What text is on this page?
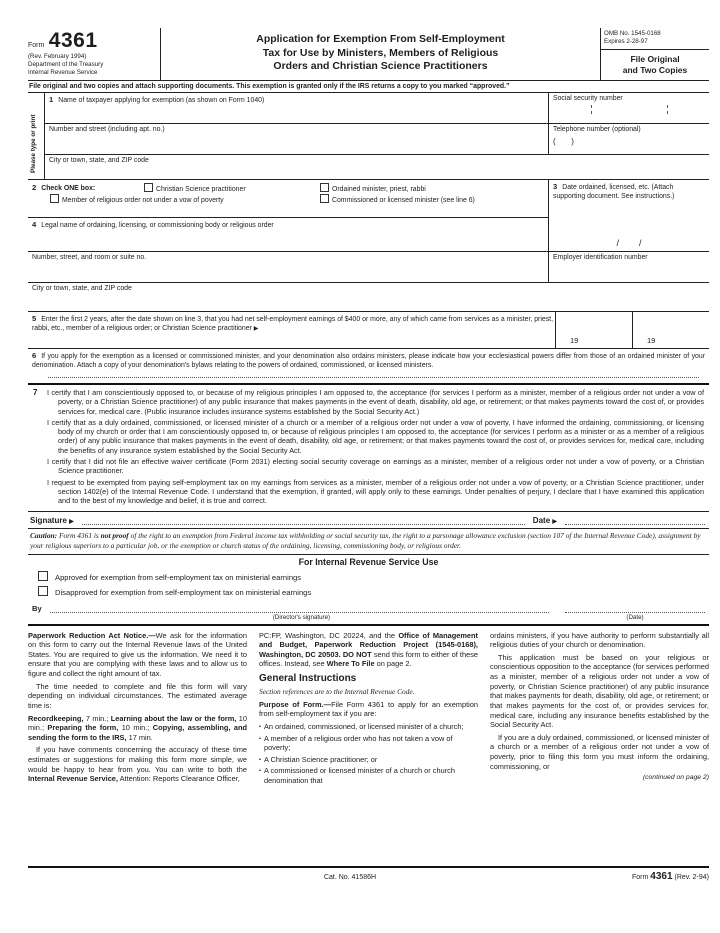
Form 4361
(Rev. February 1994)
Department of the Treasury
Internal Revenue Service
Application for Exemption From Self-Employment
Tax for Use by Ministers, Members of Religious
Orders and Christian Science Practitioners
OMB No. 1545-0168
Expires 2-28-97
File Original
and Two Copies
File original and two copies and attach supporting documents. This exemption is granted only if the IRS returns a copy to you marked “approved.”
Please type or print
1 Name of taxpayer applying for exemption (as shown on Form 1040)	Social security number
Number and street (including apt. no.)	Telephone number (optional)
(       )
City or town, state, and ZIP code
2 Check ONE box:	Christian Science practitioner	Ordained minister, priest, rabbi
Member of religious order not under a vow of poverty	Commissioned or licensed minister (see line 6)
4 Legal name of ordaining, licensing, or commissioning body or religious order
3 Date ordained, licensed, etc. (Attach supporting document. See instructions.)
/        /
Number, street, and room or suite no.	Employer identification number
City or town, state, and ZIP code
5 Enter the first 2 years, after the date shown on line 3, that you had net self-employment earnings of $400 or more, any of which came from services as a minister, priest, rabbi, etc., member of a religious order; or Christian Science practitioner ▶
19	19
6 If you apply for the exemption as a licensed or commissioned minister, and your denomination also ordains ministers, please indicate how your ecclesiastical powers differ from those of an ordained minister of your denomination. Attach a copy of your denomination's bylaws relating to the powers of ordained, commissioned, or licensed ministers.
7 I certify that I am conscientiously opposed to, or because of my religious principles I am opposed to, the acceptance (for services I perform as a minister, member of a religious order not under a vow of poverty, or a Christian Science practitioner) of any public insurance that makes payments in the event of death, disability, old age, or retirement; or that makes payments toward the cost of, or provides services for, medical care. (Public insurance includes insurance systems established by the Social Security Act.)

I certify that as a duly ordained, commissioned, or licensed minister of a church or a member of a religious order not under a vow of poverty, I have informed the ordaining, commissioning, or licensing body of my church or order that I am conscientiously opposed to, or because of religious principles I am opposed to, the acceptance (for services I perform as a minister or as a member of a religious order) of any public insurance that makes payments in the event of death, disability, old age, or retirement; or that makes payments toward the cost of, or provides services for, medical care, including the benefits of any insurance system established by the Social Security Act.

I certify that I did not file an effective waiver certificate (Form 2031) electing social security coverage on earnings as a minister, member of a religious order not under a vow of poverty, or a Christian Science practitioner.

I request to be exempted from paying self-employment tax on my earnings from services as a minister, member of a religious order not under a vow of poverty, or a Christian Science practitioner, under section 1402(e) of the Internal Revenue Code. I understand that the exemption, if granted, will apply only to these earnings. Under penalties of perjury, I declare that I have examined this application and to the best of my knowledge and belief, it is true and correct.

Signature
▶	Date
▶
Caution: Form 4361 is not proof of the right to an exemption from Federal income tax withholding or social security tax, the right to a parsonage allowance exclusion (section 107 of the Internal Revenue Code), assignment by your religious superiors to a particular job, or the exemption or church status of the ordaining, licensing, commissioning body, or religious order.
For Internal Revenue Service Use
Approved for exemption from self-employment tax on ministerial earnings
Disapproved for exemption from self-employment tax on ministerial earnings
By
(Director's signature)	(Date)

Paperwork Reduction Act Notice.—We ask for the information on this form to carry out the Internal Revenue laws of the United States. You are required to give us the information. We need it to ensure that you are complying with these laws and to allow us to figure and collect the right amount of tax.

The time needed to complete and file this form will vary depending on individual circumstances. The estimated average time is:

Recordkeeping, 7 min.; Learning about the law or the form, 10 min.; Preparing the form, 10 min.; Copying, assembling, and sending the form to the IRS, 17 min.

If you have comments concerning the accuracy of these time estimates or suggestions for making this form more simple, we would be happy to hear from you. You can write to both the Internal Revenue Service, Attention: Reports Clearance Officer,

PC:FP, Washington, DC 20224, and the Office of Management and Budget, Paperwork Reduction Project (1545-0168), Washington, DC 20503. DO NOT send this form to either of these offices. Instead, see Where To File on page 2.

General Instructions

Section references are to the Internal Revenue Code.

Purpose of Form.—File Form 4361 to apply for an exemption from self-employment tax if you are:

▪ An ordained, commissioned, or licensed minister of a church;
▪ A member of a religious order who has not taken a vow of poverty;
▪ A Christian Science practitioner; or
▪ A commissioned or licensed minister of a church or church denomination that

ordains ministers, if you have authority to perform substantially all religious duties of your church or denomination.

This application must be based on your religious or conscientious opposition to the acceptance (for services performed as a minister, member of a religious order not under a vow of poverty, or Christian Science practitioner) of any public insurance that makes payments for death, disability, old age, or retirement; or that makes payments for the cost of, or provides services for, medical care, including any insurance benefits established by the Social Security Act.

If you are a duly ordained, commissioned, or licensed minister of a church or a member of a religious order not under a vow of poverty, prior to filing this form you must inform the ordaining, commissioning, or

(continued on page 2)
Cat. No. 41586H	Form 4361 (Rev. 2-94)
